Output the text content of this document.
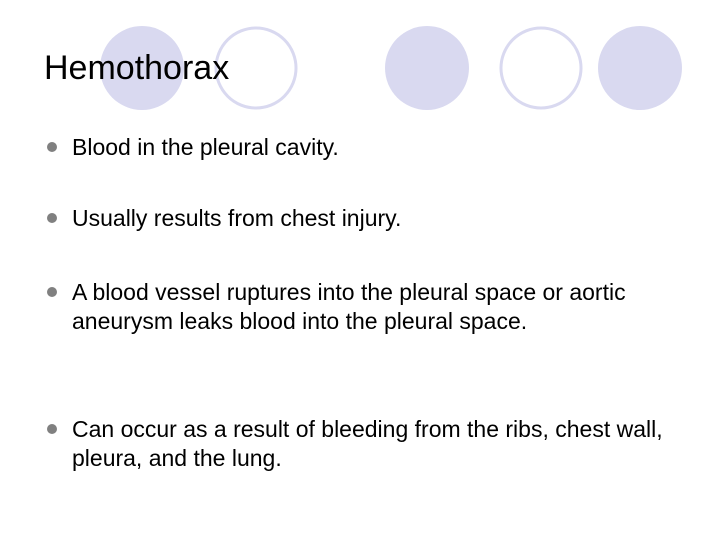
Hemothorax
Blood in the pleural cavity.
Usually results from chest injury.
A blood vessel ruptures into the pleural space or aortic aneurysm leaks blood into the pleural space.
Can occur as a result of bleeding from the ribs, chest wall, pleura, and the lung.
